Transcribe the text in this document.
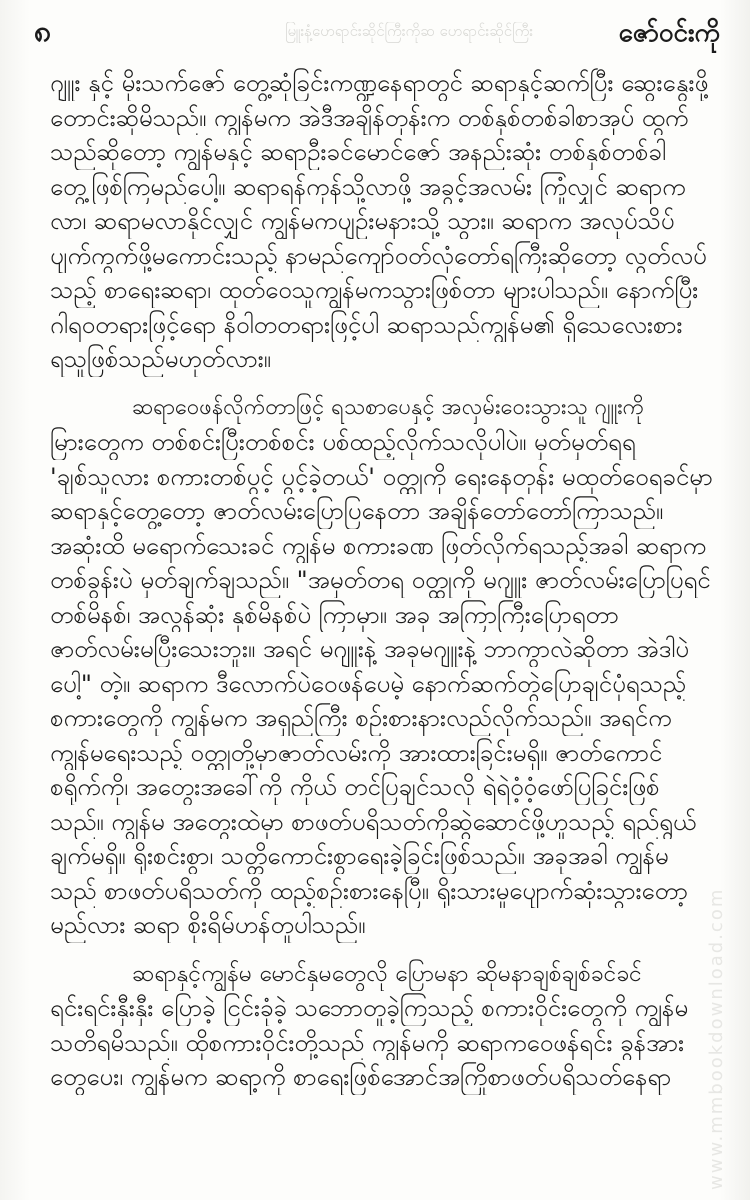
၈	မြူးနံ့ဟေရာင်းဆိုင်ကြီးကိုဆ ဟေရာင်းဆိုင်ကြီး	ဇော်ဝင်းကို
ဂျူး နှင့် မိုးသက်ဇော် တွေ့ဆုံခြင်းကဏ္ဍနေရာတွင် ဆရာနှင့်ဆက်ပြီး ဆွေးနွေးဖို့
တောင်းဆိုမိသည်။ ကျွန်မက အဲဒီအချိန်တုန်းက တစ်နှစ်တစ်ခါစာအုပ် ထွက်
သည်ဆိုတော့ ကျွန်မနှင့် ဆရာဦးခင်မောင်ဇော် အနည်းဆုံး တစ်နှစ်တစ်ခါ
တွေ့ဖြစ်ကြမည်ပေါ့။ ဆရာရန်ကုန်သို့လာဖို့ အခွင့်အလမ်း ကြုံလျှင် ဆရာက
လာ၊ ဆရာမလာနိုင်လျှင် ကျွန်မကပျဉ်းမနားသို့ သွား။ ဆရာက အလုပ်သိပ်
ပျက်ကွက်ဖို့မကောင်းသည့် နာမည်ကျော်ဝတ်လုံတော်ရကြီးဆိုတော့ လွတ်လပ်
သည့် စာရေးဆရာ၊ ထုတ်ဝေသူကျွန်မကသွားဖြစ်တာ များပါသည်။ နောက်ပြီး
ဂါရဝတရားဖြင့်ရော နိဝါတတရားဖြင့်ပါ ဆရာသည်ကျွန်မ၏ ရှိသေလေးစား
ရသူဖြစ်သည်မဟုတ်လား။
ဆရာဝေဖန်လိုက်တာဖြင့် ရသစာပေနှင့် အလှမ်းဝေးသွားသူ ဂျူးကို
မြားတွေက တစ်စင်းပြီးတစ်စင်း ပစ်ထည့်လိုက်သလိုပါပဲ။ မှတ်မှတ်ရရ
'ချစ်သူလား စကားတစ်ပွင့် ပွင့်ခဲ့တယ်' ဝတ္ထုကို ရေးနေတုန်း မထုတ်ဝေရခင်မှာ
ဆရာနှင့်တွေ့တော့ ဇာတ်လမ်းပြောပြနေတာ အချိန်တော်တော်ကြာသည်။
အဆုံးထိ မရောက်သေးခင် ကျွန်မ စကားခဏ ဖြတ်လိုက်ရသည့်အခါ ဆရာက
တစ်ခွန်းပဲ မှတ်ချက်ချသည်။ "အမှတ်တရ ဝတ္ထုကို မဂျူး ဇာတ်လမ်းပြောပြရင်
တစ်မိနစ်၊ အလွန်ဆုံး နှစ်မိနစ်ပဲ ကြာမှာ။ အခု အကြာကြီးပြောရတာ
ဇာတ်လမ်းမပြီးသေးဘူး။ အရင် မဂျူးနဲ့ အခုမဂျူးနဲ့ ဘာကွာလဲဆိုတာ အဲဒါပဲ
ပေါ့" တဲ့။ ဆရာက ဒီလောက်ပဲဝေဖန်ပေမဲ့ နောက်ဆက်တွဲပြောချင်ပုံရသည့်
စကားတွေကို ကျွန်မက အရှည်ကြီး စဉ်းစားနားလည်လိုက်သည်။ အရင်က
ကျွန်မရေးသည့် ဝတ္ထုတို့မှာဇာတ်လမ်းကို အားထားခြင်းမရှိ။ ဇာတ်ကောင်
စရိုက်ကို၊ အတွေးအခေါ်ကို ကိုယ် တင်ပြချင်သလို ရဲရဲဝံ့ဝံ့ဖော်ပြခြင်းဖြစ်
သည်။ ကျွန်မ အတွေးထဲမှာ စာဖတ်ပရိသတ်ကိုဆွဲဆောင်ဖို့ဟူသည့် ရည်ရွယ်
ချက်မရှိ။ ရိုးစင်းစွာ၊ သတ္တိကောင်းစွာရေးခဲ့ခြင်းဖြစ်သည်။ အခုအခါ ကျွန်မ
သည် စာဖတ်ပရိသတ်ကို ထည့်စဉ်းစားနေပြီ။ ရိုးသားမှုပျောက်ဆုံးသွားတော့
မည်လား ဆရာ စိုးရိမ်ဟန်တူပါသည်။
ဆရာနှင့်ကျွန်မ မောင်နှမတွေလို ပြောမနာ ဆိုမနာချစ်ချစ်ခင်ခင်
ရင်းရင်းနှီးနှီး ပြောခဲ့ ငြင်းခုံခဲ့ သဘောတူခဲ့ကြသည့် စကားဝိုင်းတွေကို ကျွန်မ
သတိရမိသည်။ ထိုစကားဝိုင်းတို့သည် ကျွန်မကို ဆရာကဝေဖန်ရင်း ခွန်အား
တွေပေး၊ ကျွန်မက ဆရာ့ကို စာရေးဖြစ်အောင်အကြိုစာဖတ်ပရိသတ်နေရာ	www.mmbookdownload.com
